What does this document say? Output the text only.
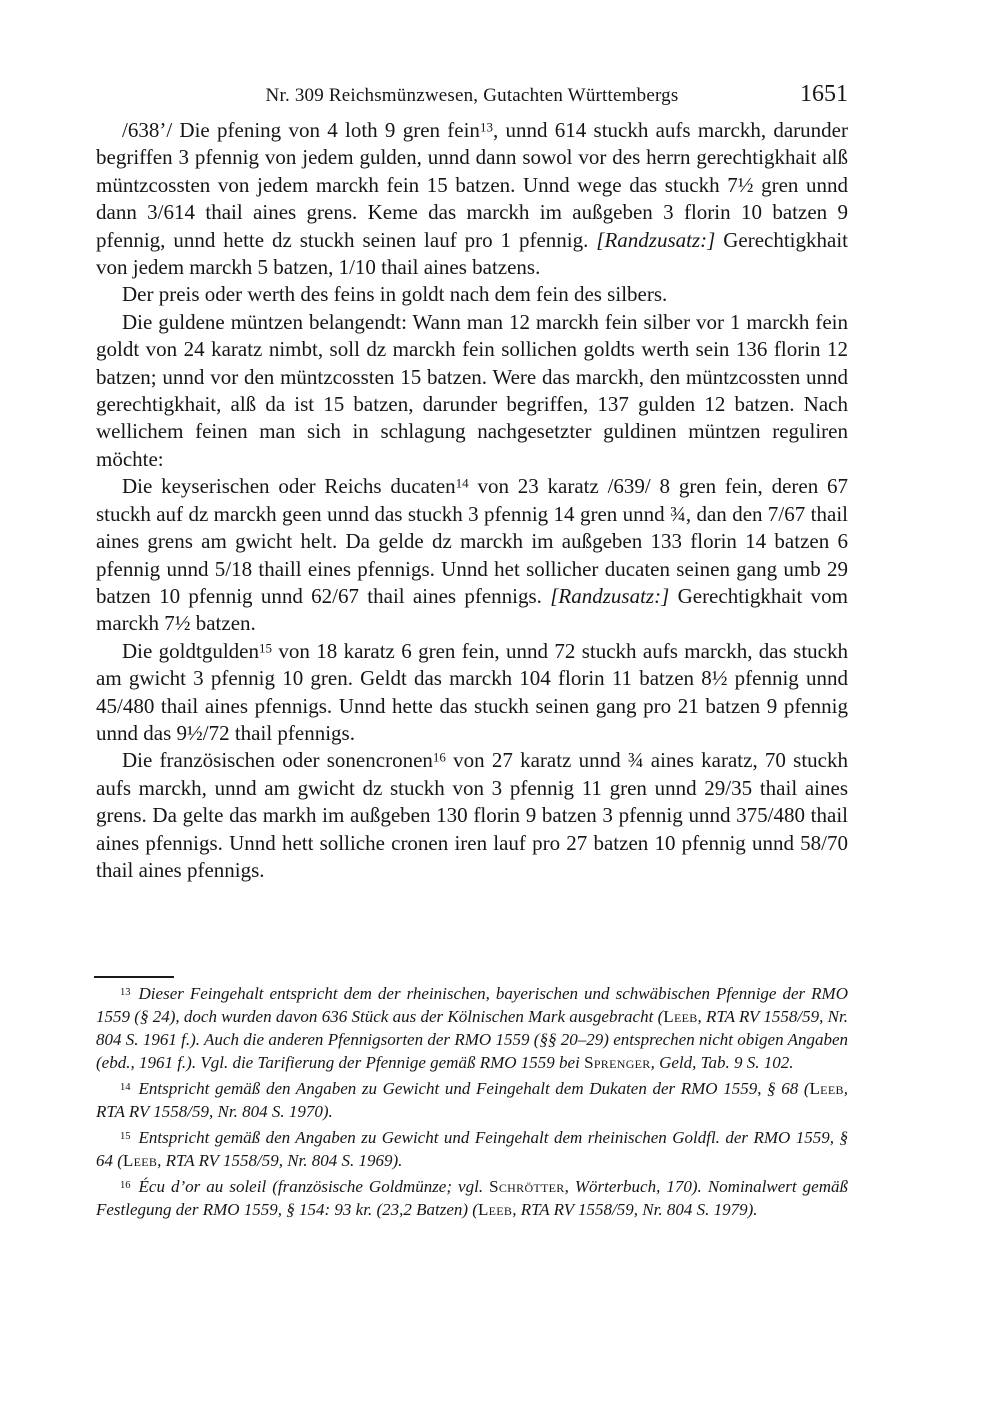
Nr. 309 Reichsmünzwesen, Gutachten Württembergs	1651

/638’/ Die pfening von 4 loth 9 gren fein$^{13}$, unnd 614 stuckh aufs marckh, darunder begriffen 3 pfennig von jedem gulden, unnd dann sowol vor des herrn gerechtigkhait alß müntzcossten von jedem marckh fein 15 batzen. Unnd wege das stuckh 7½ gren unnd dann 3/614 thail aines grens. Keme das marckh im außgeben 3 florin 10 batzen 9 pfennig, unnd hette dz stuckh seinen lauf pro 1 pfennig. [Randzusatz:] Gerechtigkhait von jedem marckh 5 batzen, 1/10 thail aines batzens.

Der preis oder werth des feins in goldt nach dem fein des silbers.

Die guldene müntzen belangendt: Wann man 12 marckh fein silber vor 1 marckh fein goldt von 24 karatz nimbt, soll dz marckh fein sollichen goldts werth sein 136 florin 12 batzen; unnd vor den müntzcossten 15 batzen. Were das marckh, den müntzcossten unnd gerechtigkhait, alß da ist 15 batzen, darunder begriffen, 137 gulden 12 batzen. Nach wellichem feinen man sich in schlagung nachgesetzter guldinen müntzen reguliren möchte:

Die keyserischen oder Reichs ducaten$^{14}$ von 23 karatz /639/ 8 gren fein, deren 67 stuckh auf dz marckh geen unnd das stuckh 3 pfennig 14 gren unnd ¾, dan den 7/67 thail aines grens am gwicht helt. Da gelde dz marckh im außgeben 133 florin 14 batzen 6 pfennig unnd 5/18 thaill eines pfennigs. Unnd het sollicher ducaten seinen gang umb 29 batzen 10 pfennig unnd 62/67 thail aines pfennigs. [Randzusatz:] Gerechtigkhait vom marckh 7½ batzen.

Die goldtgulden$^{15}$ von 18 karatz 6 gren fein, unnd 72 stuckh aufs marckh, das stuckh am gwicht 3 pfennig 10 gren. Geldt das marckh 104 florin 11 batzen 8½ pfennig unnd 45/480 thail aines pfennigs. Unnd hette das stuckh seinen gang pro 21 batzen 9 pfennig unnd das 9½/72 thail pfennigs.

Die französischen oder sonencronen$^{16}$ von 27 karatz unnd ¾ aines karatz, 70 stuckh aufs marckh, unnd am gwicht dz stuckh von 3 pfennig 11 gren unnd 29/35 thail aines grens. Da gelte das markh im außgeben 130 florin 9 batzen 3 pfennig unnd 375/480 thail aines pfennigs. Unnd hett solliche cronen iren lauf pro 27 batzen 10 pfennig unnd 58/70 thail aines pfennigs.

$^{13}$ Dieser Feingehalt entspricht dem der rheinischen, bayerischen und schwäbischen Pfennige der RMO 1559 (§ 24), doch wurden davon 636 Stück aus der Kölnischen Mark ausgebracht (Leeb, RTA RV 1558/59, Nr. 804 S. 1961 f.). Auch die anderen Pfennigsorten der RMO 1559 (§§ 20–29) entsprechen nicht obigen Angaben (ebd., 1961 f.). Vgl. die Tarifierung der Pfennige gemäß RMO 1559 bei Sprenger, Geld, Tab. 9 S. 102.

$^{14}$ Entspricht gemäß den Angaben zu Gewicht und Feingehalt dem Dukaten der RMO 1559, § 68 (Leeb, RTA RV 1558/59, Nr. 804 S. 1970).

$^{15}$ Entspricht gemäß den Angaben zu Gewicht und Feingehalt dem rheinischen Goldfl. der RMO 1559, § 64 (Leeb, RTA RV 1558/59, Nr. 804 S. 1969).

$^{16}$ Écu d’or au soleil (französische Goldmünze; vgl. Schrötter, Wörterbuch, 170). Nominalwert gemäß Festlegung der RMO 1559, § 154: 93 kr. (23,2 Batzen) (Leeb, RTA RV 1558/59, Nr. 804 S. 1979).
